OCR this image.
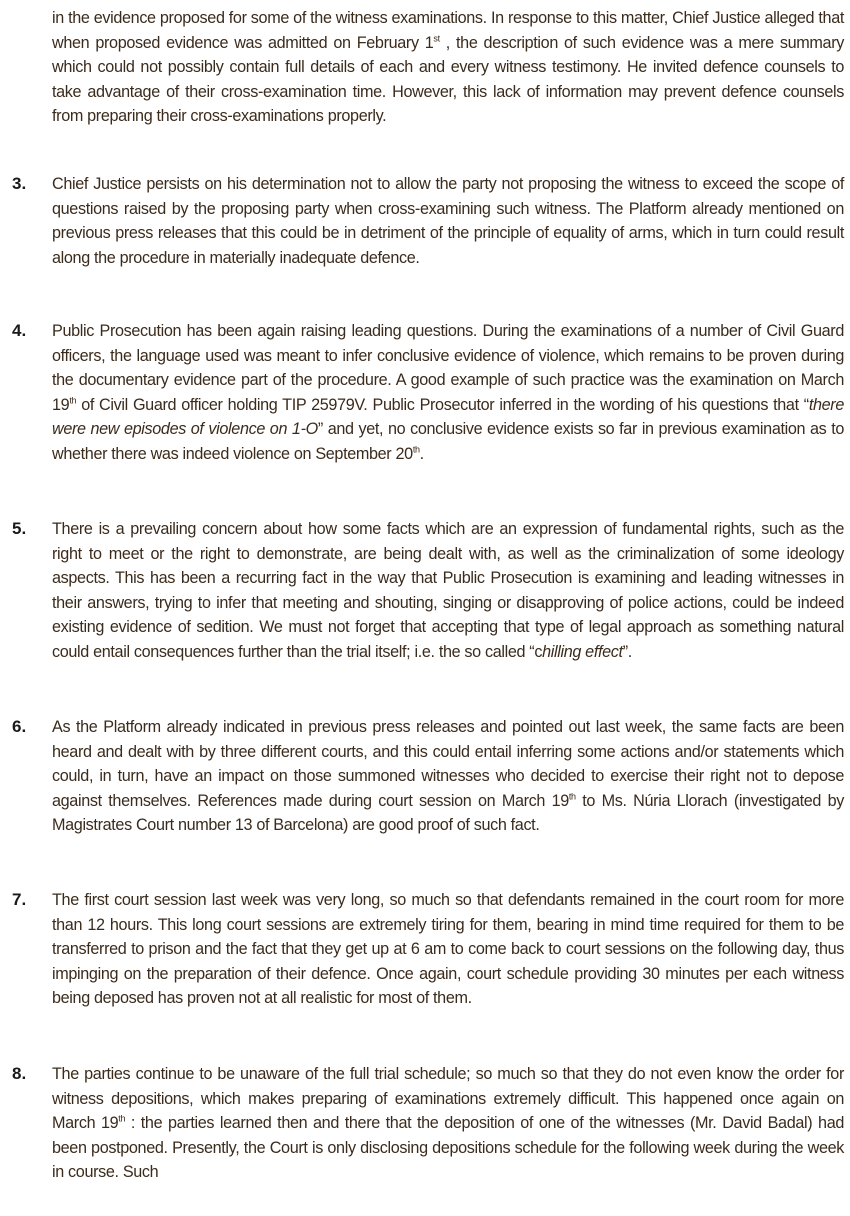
in the evidence proposed for some of the witness examinations. In response to this matter, Chief Justice alleged that when proposed evidence was admitted on February 1st , the description of such evidence was a mere summary which could not possibly contain full details of each and every witness testimony. He invited defence counsels to take advantage of their cross-examination time. However, this lack of information may prevent defence counsels from preparing their cross-examinations properly.

3.	Chief Justice persists on his determination not to allow the party not proposing the witness to exceed the scope of questions raised by the proposing party when cross-examining such witness. The Platform already mentioned on previous press releases that this could be in detriment of the principle of equality of arms, which in turn could result along the procedure in materially inadequate defence.

4.	Public Prosecution has been again raising leading questions. During the examinations of a number of Civil Guard officers, the language used was meant to infer conclusive evidence of violence, which remains to be proven during the documentary evidence part of the procedure. A good example of such practice was the examination on March 19th of Civil Guard officer holding TIP 25979V. Public Prosecutor inferred in the wording of his questions that “there were new episodes of violence on 1-O” and yet, no conclusive evidence exists so far in previous examination as to whether there was indeed violence on September 20th.

5.	There is a prevailing concern about how some facts which are an expression of fundamental rights, such as the right to meet or the right to demonstrate, are being dealt with, as well as the criminalization of some ideology aspects. This has been a recurring fact in the way that Public Prosecution is examining and leading witnesses in their answers, trying to infer that meeting and shouting, singing or disapproving of police actions, could be indeed existing evidence of sedition. We must not forget that accepting that type of legal approach as something natural could entail consequences further than the trial itself; i.e. the so called “chilling effect”.

6.	As the Platform already indicated in previous press releases and pointed out last week, the same facts are been heard and dealt with by three different courts, and this could entail inferring some actions and/or statements which could, in turn, have an impact on those summoned witnesses who decided to exercise their right not to depose against themselves. References made during court session on March 19th to Ms. Núria Llorach (investigated by Magistrates Court number 13 of Barcelona) are good proof of such fact.

7.	The first court session last week was very long, so much so that defendants remained in the court room for more than 12 hours. This long court sessions are extremely tiring for them, bearing in mind time required for them to be transferred to prison and the fact that they get up at 6 am to come back to court sessions on the following day, thus impinging on the preparation of their defence. Once again, court schedule providing 30 minutes per each witness being deposed has proven not at all realistic for most of them.

8.	The parties continue to be unaware of the full trial schedule; so much so that they do not even know the order for witness depositions, which makes preparing of examinations extremely difficult. This happened once again on March 19th : the parties learned then and there that the deposition of one of the witnesses (Mr. David Badal) had been postponed. Presently, the Court is only disclosing depositions schedule for the following week during the week in course. Such
